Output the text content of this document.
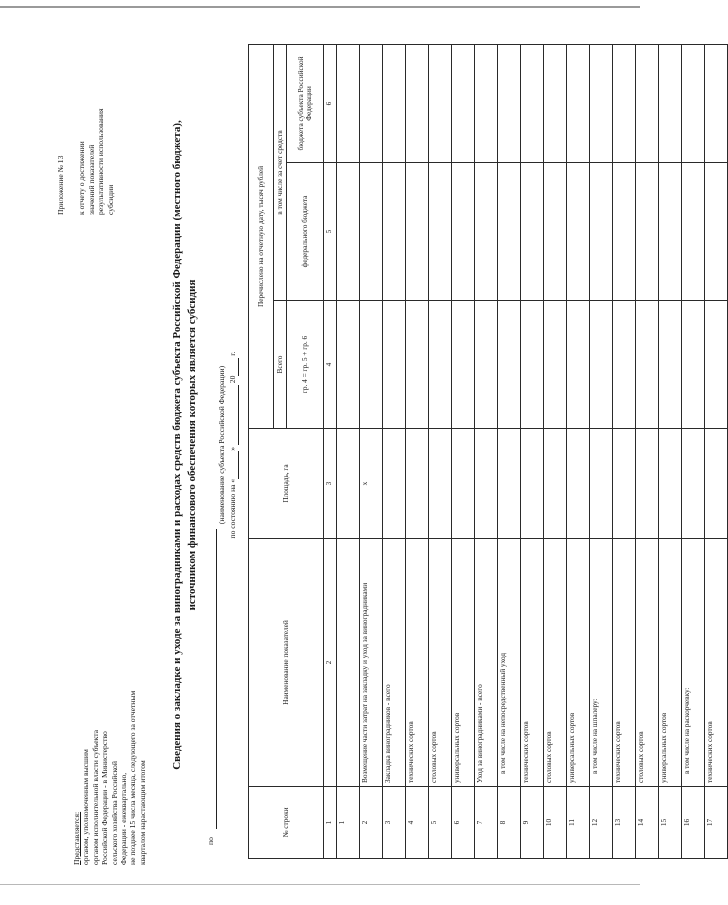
Представляется: органом, уполномоченным высшим органом исполнительной власти субъекта Российской Федерации - в Министерство сельского хозяйства Российской Федерации - ежеквартально, не позднее 15 числа месяца, следующего за отчетным кварталом нарастающим итогом
Приложение № 13 к отчету о достижении значений показателей результативности использования субсидии	Сведения о закладке и уходе за виноградниками и расходах средств бюджета субъекта Российской Федерации (местного бюджета), источником финансового обеспечения которых является субсидия
по
(наименование субъекта Российской Федерации) по состоянию на « »   20  г.
№ строки	Наименование показателей	Площадь, га	Перечислено на отчетную дату, тысяч рублей		
			Всего	в том числе за счет средств	
			гр. 4 = гр. 5 + гр. 6	федерального бюджета	бюджета субъекта Российской Федерации

1	2	3	4	5	6
1					
2	Возмещение части затрат на закладку и уход за виноградниками	x			
3	Закладка виноградников - всего				
4	технических сортов				
5	столовых сортов				
6	универсальных сортов				
7	Уход за виноградниками - всего				
8	в том числе на непосредственный уход				
9	технических сортов				
10	столовых сортов				
11	универсальных сортов				
12	в том числе на шпалеру:				
13	технических сортов				
14	столовых сортов				
15	универсальных сортов				
16	в том числе на раскорчевку:				
17	технических сортов				
